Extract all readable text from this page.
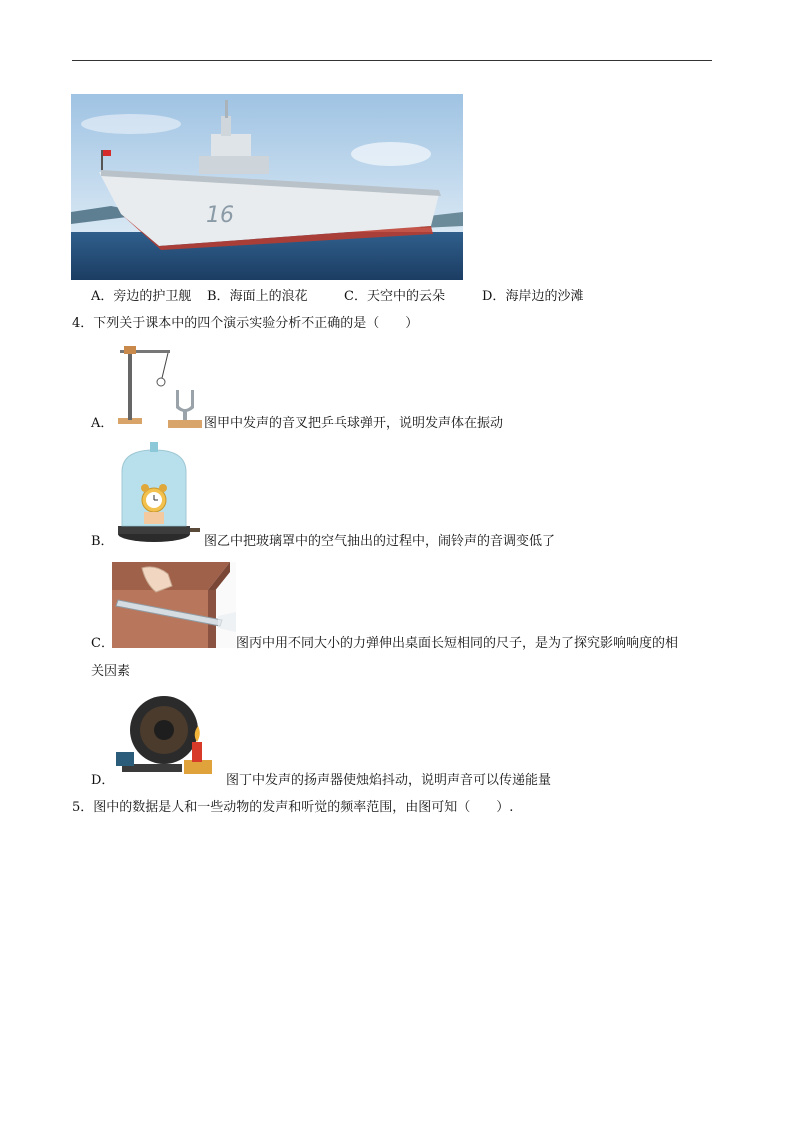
16
A．旁边的护卫舰 B．海面上的浪花	C．天空中的云朵	D．海岸边的沙滩
4．下列关于课本中的四个演示实验分析不正确的是（　　）
A．	图甲中发声的音叉把乒乓球弹开，说明发声体在振动
B．	图乙中把玻璃罩中的空气抽出的过程中，闹铃声的音调变低了
C．	图丙中用不同大小的力弹伸出桌面长短相同的尺子，是为了探究影响响度的相
关因素
D．	图丁中发声的扬声器使烛焰抖动，说明声音可以传递能量
5．图中的数据是人和一些动物的发声和听觉的频率范围，由图可知（　　）.
